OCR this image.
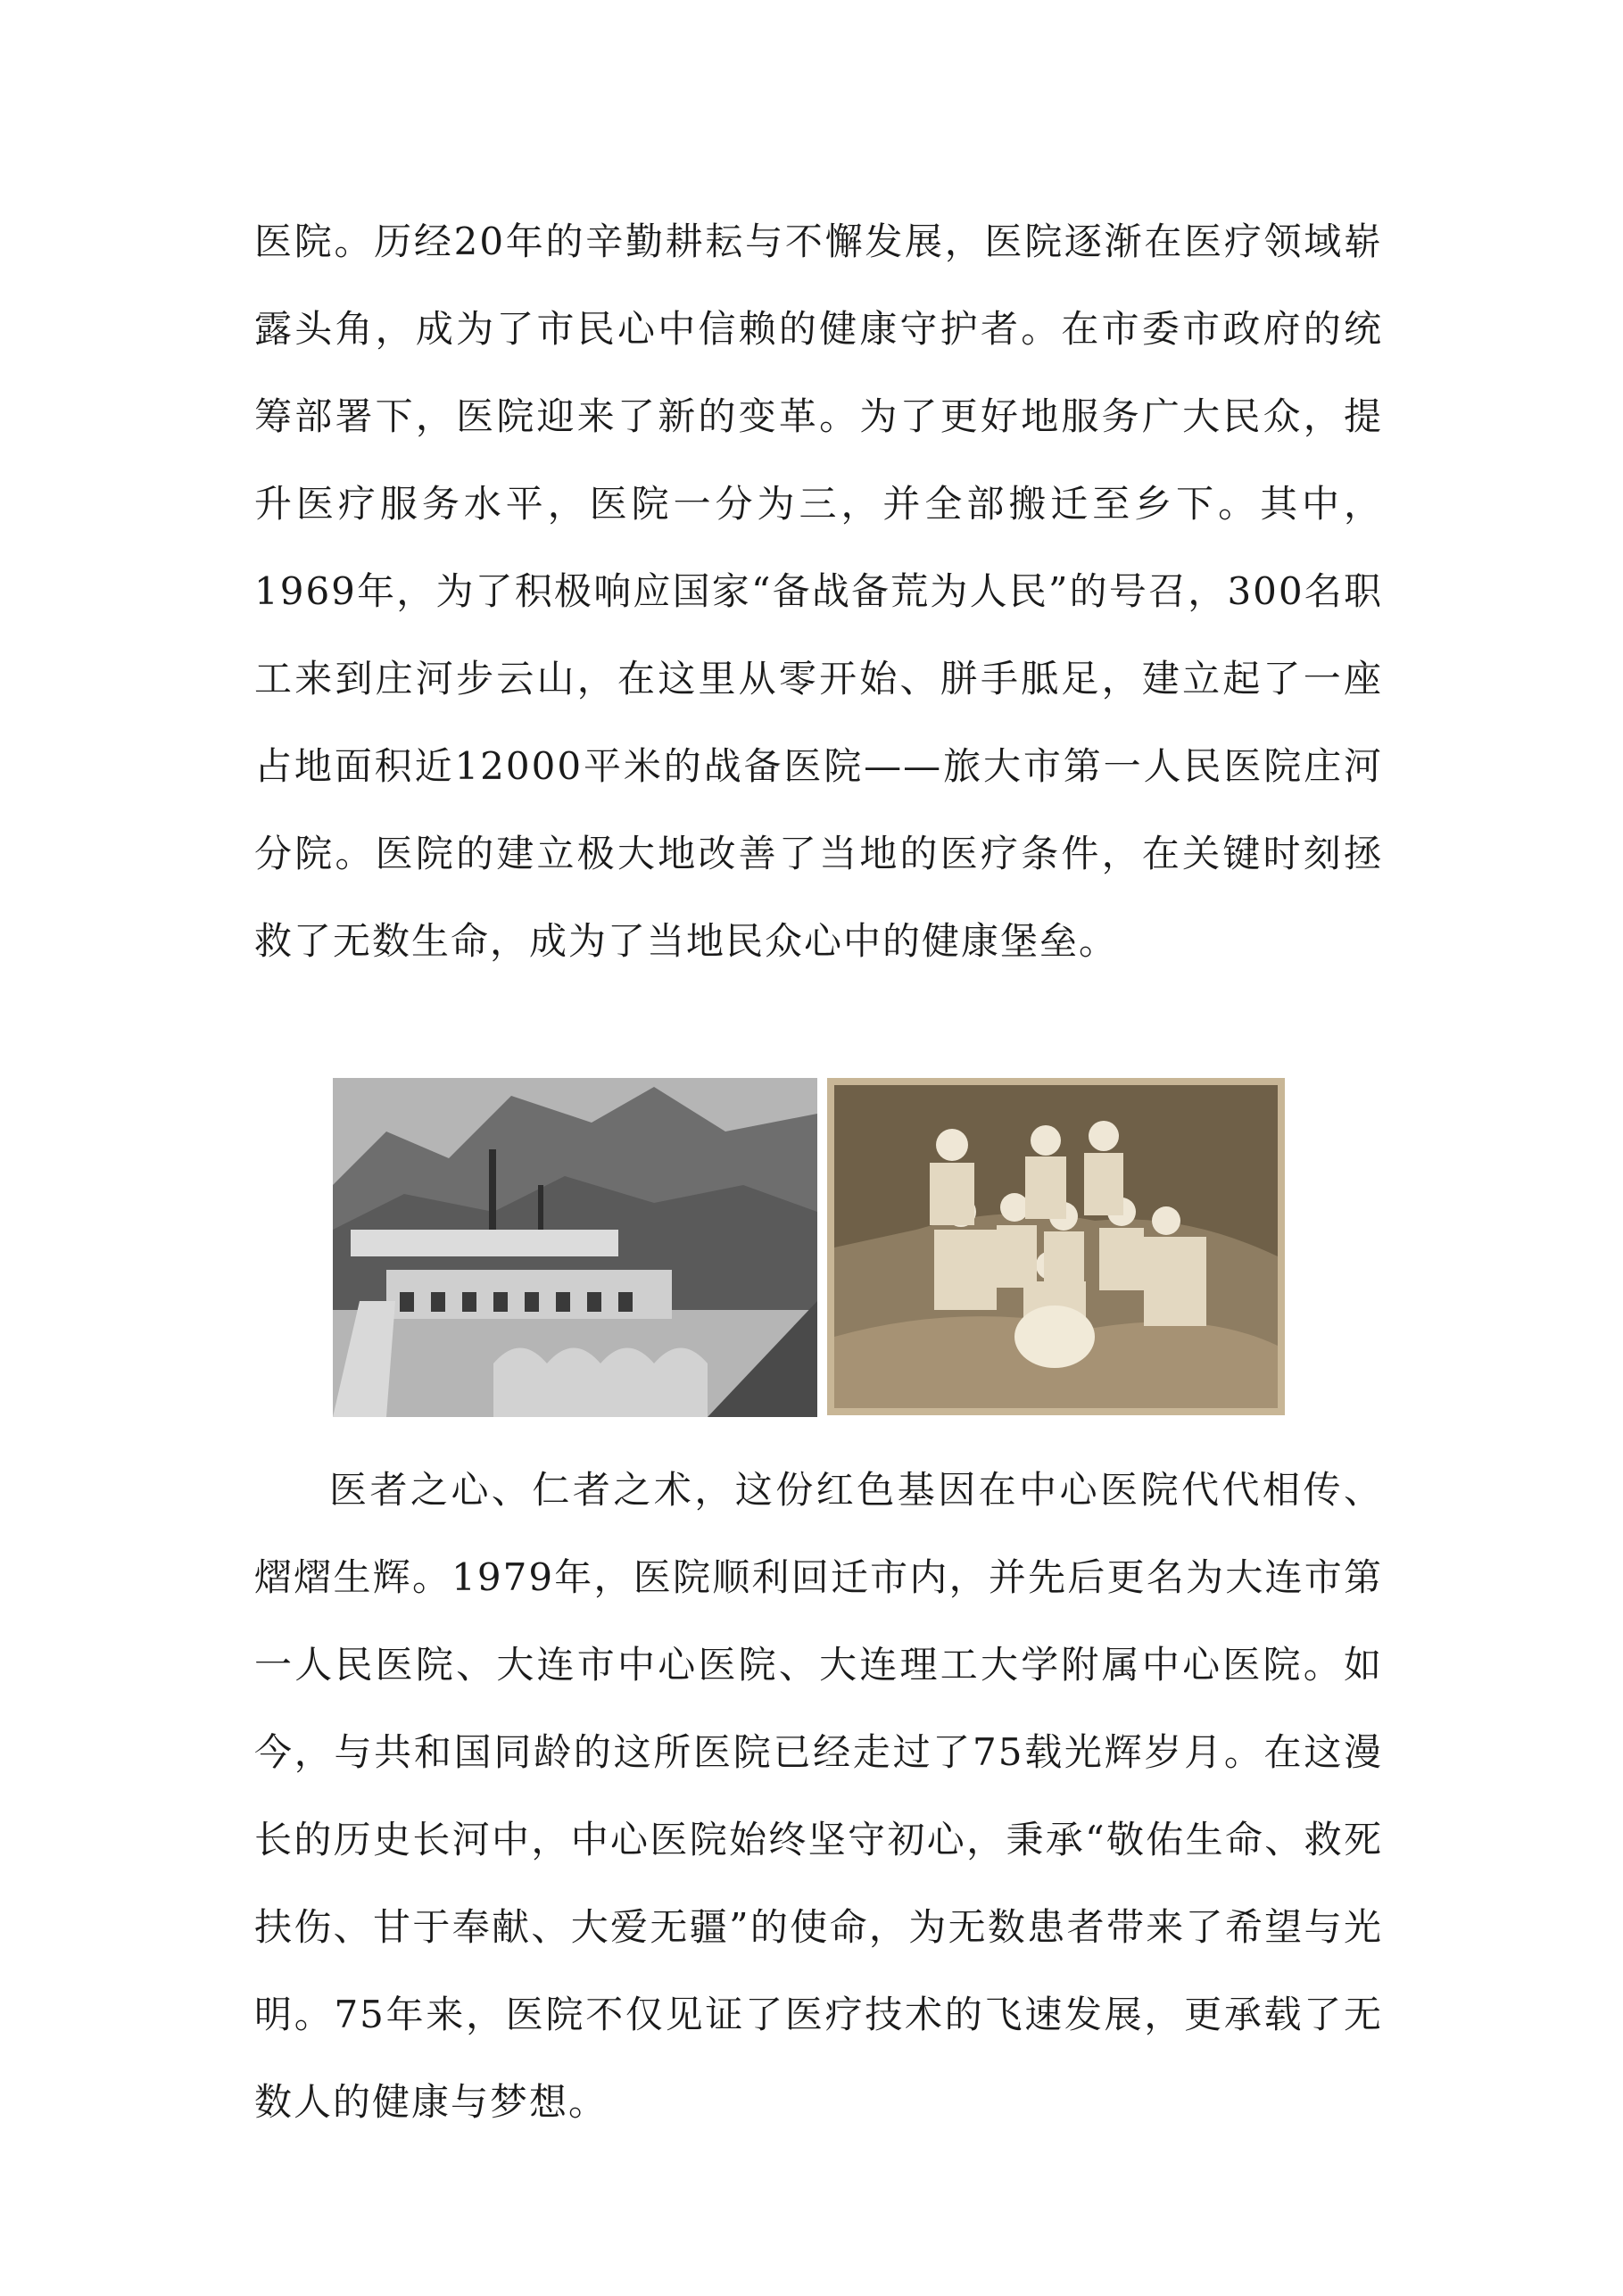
医院。历经20年的辛勤耕耘与不懈发展，医院逐渐在医疗领域崭露头角，成为了市民心中信赖的健康守护者。在市委市政府的统筹部署下，医院迎来了新的变革。为了更好地服务广大民众，提升医疗服务水平，医院一分为三，并全部搬迁至乡下。其中，1969年，为了积极响应国家“备战备荒为人民”的号召，300名职工来到庄河步云山，在这里从零开始、胼手胝足，建立起了一座占地面积近12000平米的战备医院——旅大市第一人民医院庄河分院。医院的建立极大地改善了当地的医疗条件，在关键时刻拯救了无数生命，成为了当地民众心中的健康堡垒。

医者之心、仁者之术，这份红色基因在中心医院代代相传、熠熠生辉。1979年，医院顺利回迁市内，并先后更名为大连市第一人民医院、大连市中心医院、大连理工大学附属中心医院。如今，与共和国同龄的这所医院已经走过了75载光辉岁月。在这漫长的历史长河中，中心医院始终坚守初心，秉承“敬佑生命、救死扶伤、甘于奉献、大爱无疆”的使命，为无数患者带来了希望与光明。75年来，医院不仅见证了医疗技术的飞速发展，更承载了无数人的健康与梦想。
